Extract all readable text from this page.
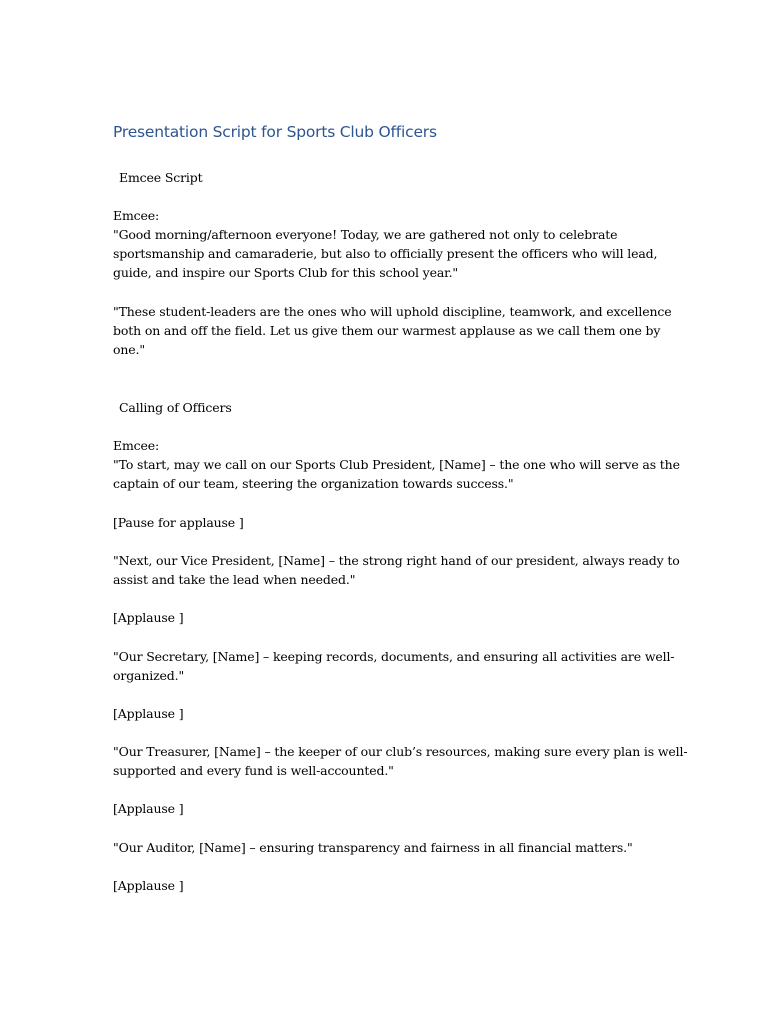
Presentation Script for Sports Club Officers
Emcee Script
Emcee:
"Good morning/afternoon everyone! Today, we are gathered not only to celebrate
sportsmanship and camaraderie, but also to officially present the officers who will lead,
guide, and inspire our Sports Club for this school year."
"These student-leaders are the ones who will uphold discipline, teamwork, and excellence
both on and off the field. Let us give them our warmest applause as we call them one by
one."
Calling of Officers
Emcee:
"To start, may we call on our Sports Club President, [Name] – the one who will serve as the
captain of our team, steering the organization towards success."
[Pause for applause ]
"Next, our Vice President, [Name] – the strong right hand of our president, always ready to
assist and take the lead when needed."
[Applause ]
"Our Secretary, [Name] – keeping records, documents, and ensuring all activities are well-
organized."
[Applause ]
"Our Treasurer, [Name] – the keeper of our club’s resources, making sure every plan is well-
supported and every fund is well-accounted."
[Applause ]
"Our Auditor, [Name] – ensuring transparency and fairness in all financial matters."
[Applause ]
